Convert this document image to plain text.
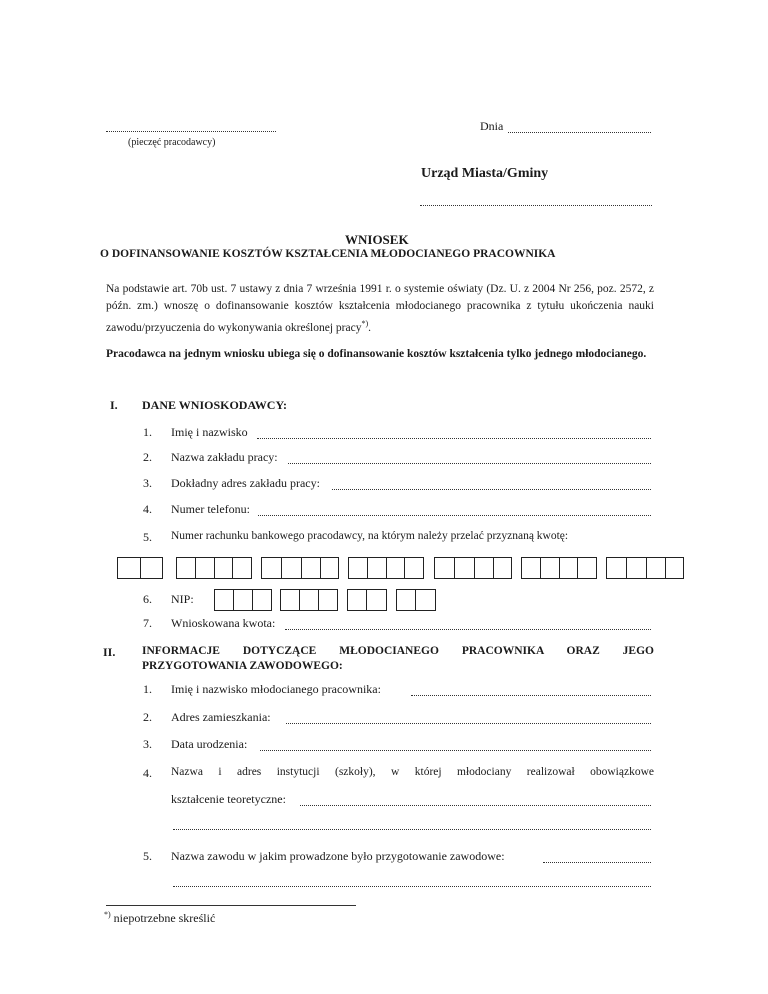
(pieczęć pracodawcy)
Dnia
Urząd Miasta/Gminy
WNIOSEK
O DOFINANSOWANIE KOSZTÓW KSZTAŁCENIA MŁODOCIANEGO PRACOWNIKA
Na podstawie art. 70b ust. 7 ustawy z dnia 7 września 1991 r. o systemie oświaty (Dz. U. z 2004 Nr 256, poz. 2572, z późn. zm.) wnoszę o dofinansowanie kosztów kształcenia młodocianego pracownika z tytułu ukończenia nauki zawodu/przyuczenia do wykonywania określonej pracy*).
Pracodawca na jednym wniosku ubiega się o dofinansowanie kosztów kształcenia tylko jednego młodocianego.
I. DANE WNIOSKODAWCY:
1. Imię i nazwisko
2. Nazwa zakładu pracy:
3. Dokładny adres zakładu pracy:
4. Numer telefonu:
5. Numer rachunku bankowego pracodawcy, na którym należy przelać przyznaną kwotę:
6. NIP:
7. Wnioskowana kwota:
II. INFORMACJE DOTYCZĄCE MŁODOCIANEGO PRACOWNIKA ORAZ JEGO
PRZYGOTOWANIA ZAWODOWEGO:
1. Imię i nazwisko młodocianego pracownika:
2. Adres zamieszkania:
3. Data urodzenia:
4. Nazwa i adres instytucji (szkoły), w której młodociany realizował obowiązkowe
kształcenie teoretyczne:
5. Nazwa zawodu w jakim prowadzone było przygotowanie zawodowe:
*) niepotrzebne skreślić
